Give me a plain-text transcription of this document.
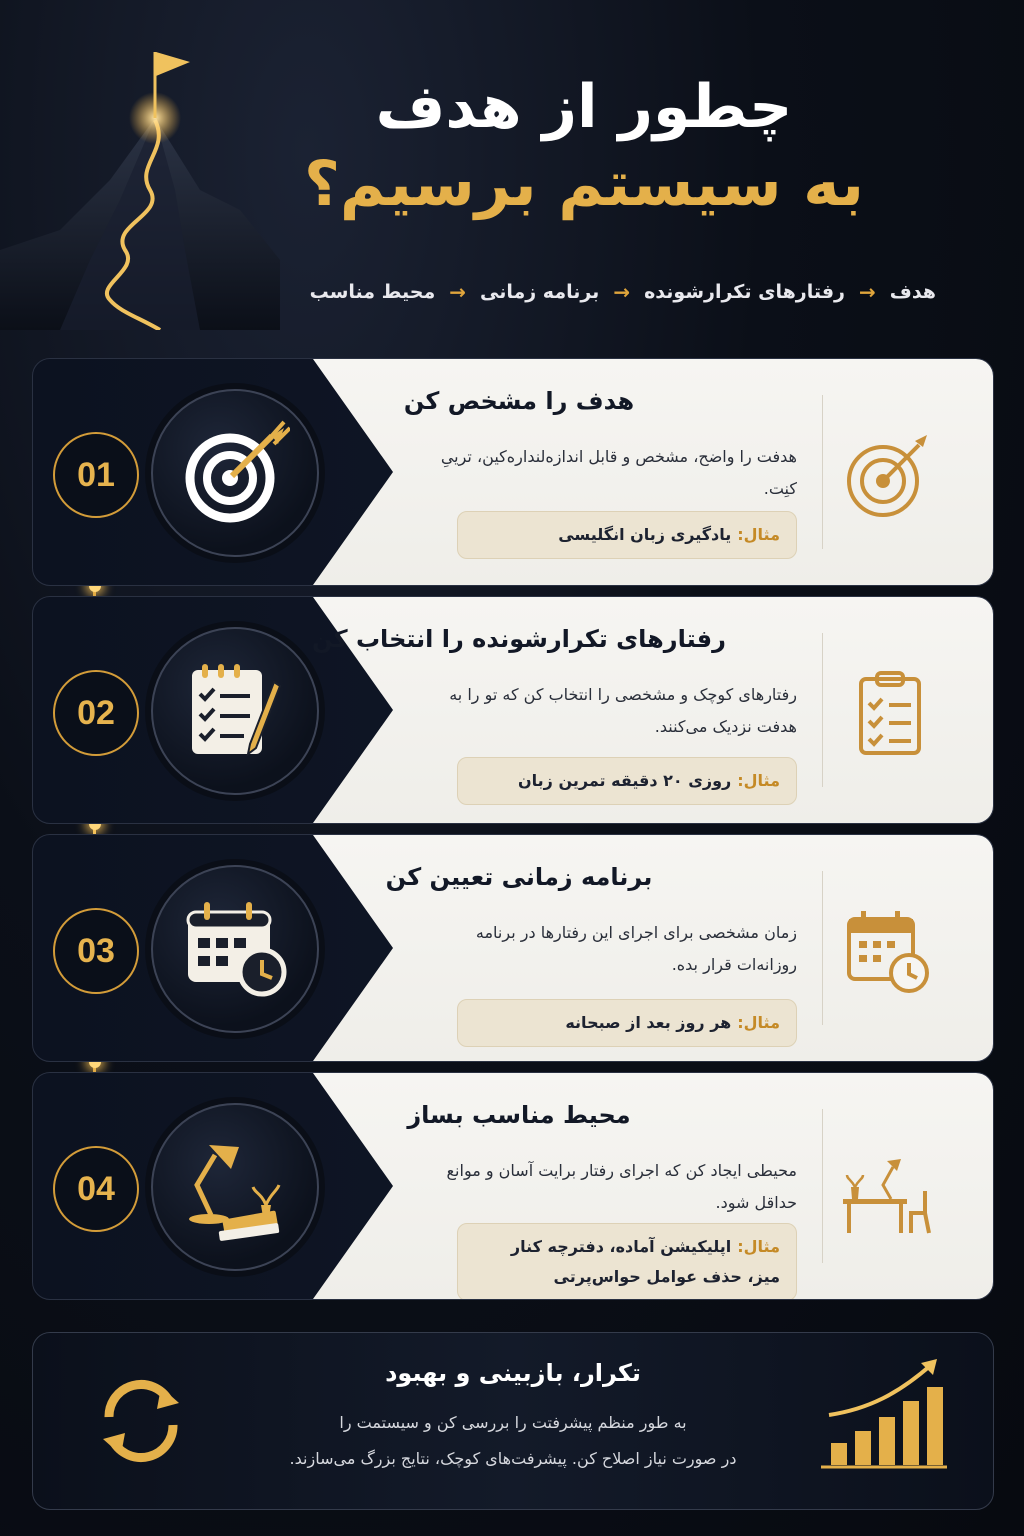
چطور از هدف
به سیستم برسیم؟
هدف
→
رفتارهای تکرارشونده
→
برنامه زمانی
→
محیط مناسب
01
هدف را مشخص کن
هدفت را واضح، مشخص و قابل اندازه‌لنداره‌کین، ترییِ کنِت.
مثال:یادگیری زبان انگلیسی
02
رفتارهای تکرارشونده را انتخاب کن
رفتارهای کوچک و مشخصی را انتخاب کن که تو را به هدفت نزدیک می‌کنند.
مثال:روزی ۲۰ دقیقه تمرین زبان
03
برنامه زمانی تعیین کن
زمان مشخصی برای اجرای این رفتارها در برنامه روزانه‌ات قرار بده.
مثال:هر روز بعد از صبحانه
04
محیط مناسب بساز
محیطی ایجاد کن که اجرای رفتار برایت آسان و موانع حداقل شود.
مثال:اپلیکیشن آماده، دفترچه کنار میز، حذف عوامل حواس‌پرتی
تکرار، بازبینی و بهبود
به طور منظم پیشرفتت را بررسی کن و سیستمت را
در صورت نیاز اصلاح کن. پیشرفت‌های کوچک، نتایج بزرگ می‌سازند.
